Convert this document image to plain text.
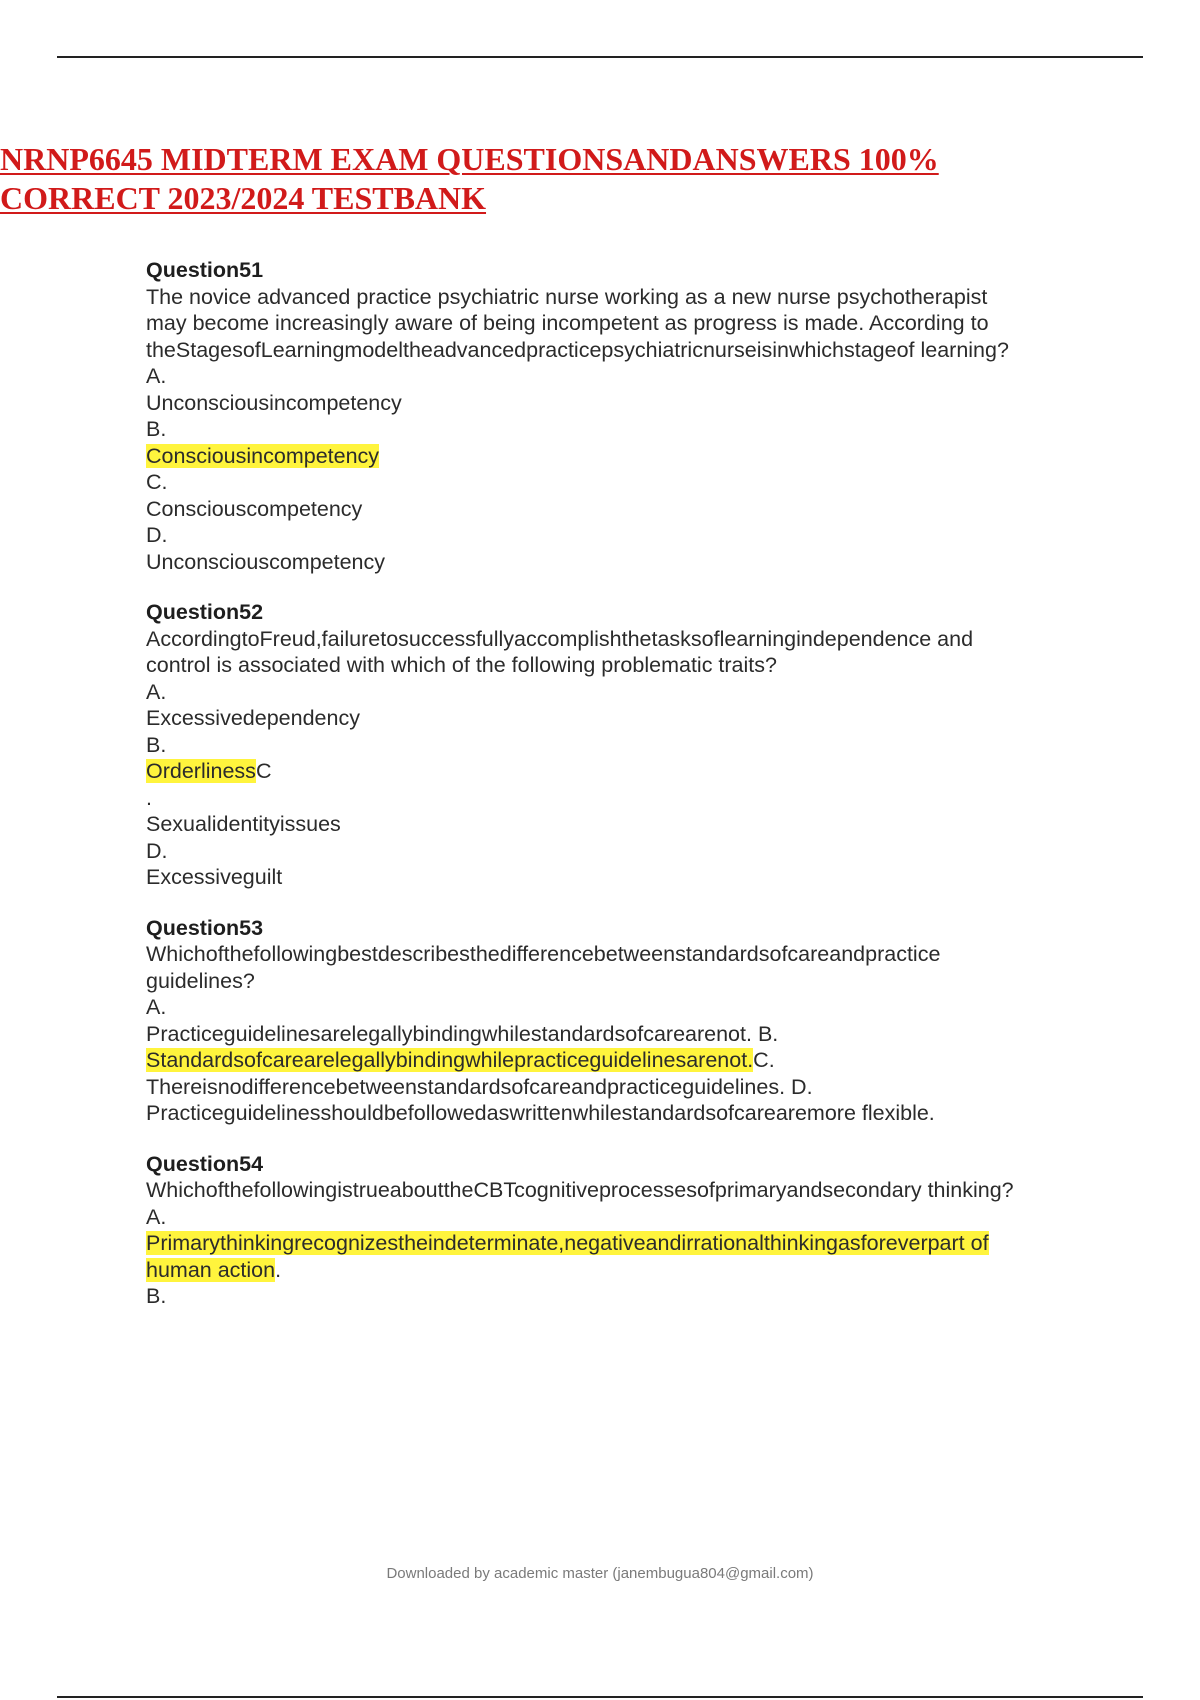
NRNP6645 MIDTERM EXAM QUESTIONSANDANSWERS 100%
CORRECT 2023/2024 TESTBANK
Question51
The novice advanced practice psychiatric nurse working as a new nurse psychotherapist
may become increasingly aware of being incompetent as progress is made. According to
theStagesofLearningmodeltheadvancedpracticepsychiatricnurseisinwhichstageof learning?
A.
Unconsciousincompetency
B.
Consciousincompetency
C.
Consciouscompetency
D.
Unconsciouscompetency
Question52
AccordingtoFreud,failuretosuccessfullyaccomplishthetasksoflearningindependence and
control is associated with which of the following problematic traits?
A.
Excessivedependency
B.
OrderlinessC
.
Sexualidentityissues
D.
Excessiveguilt
Question53
Whichofthefollowingbestdescribesthedifferencebetweenstandardsofcareandpractice
guidelines?
A.
Practiceguidelinesarelegallybindingwhilestandardsofcarearenot. B.
Standardsofcarearelegallybindingwhilepracticeguidelinesarenot.C.
Thereisnodifferencebetweenstandardsofcareandpracticeguidelines. D.
Practiceguidelinesshouldbefollowedaswrittenwhilestandardsofcarearemore flexible.
Question54
WhichofthefollowingistrueabouttheCBTcognitiveprocessesofprimaryandsecondary thinking?
A.
Primarythinkingrecognizestheindeterminate,negativeandirrationalthinkingasforeverpart of
human action.
B.
Downloaded by academic master (janembugua804@gmail.com)
